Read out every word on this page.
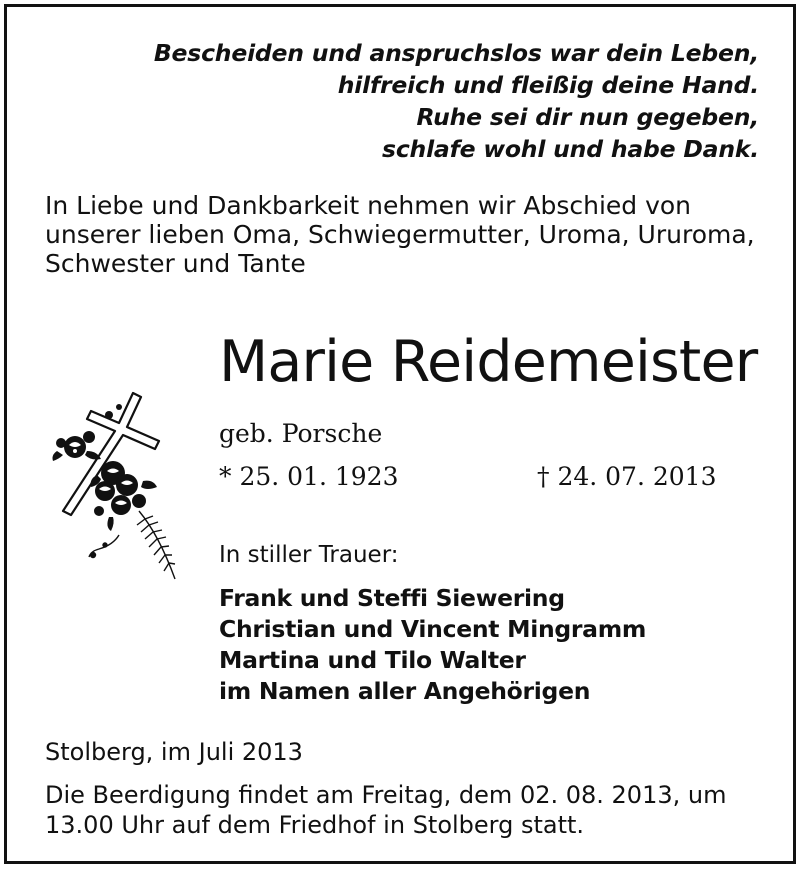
Bescheiden und anspruchslos war dein Leben,
hilfreich und fleißig deine Hand.
Ruhe sei dir nun gegeben,
schlafe wohl und habe Dank.
In Liebe und Dankbarkeit nehmen wir Abschied von
unserer lieben Oma, Schwiegermutter, Uroma, Ururoma,
Schwester und Tante
Marie Reidemeister
geb. Porsche
* 25. 01. 1923	† 24. 07. 2013
In stiller Trauer:
Frank und Steffi Siewering
Christian und Vincent Mingramm
Martina und Tilo Walter
im Namen aller Angehörigen
Stolberg, im Juli 2013
Die Beerdigung findet am Freitag, dem 02. 08. 2013, um
13.00 Uhr auf dem Friedhof in Stolberg statt.
